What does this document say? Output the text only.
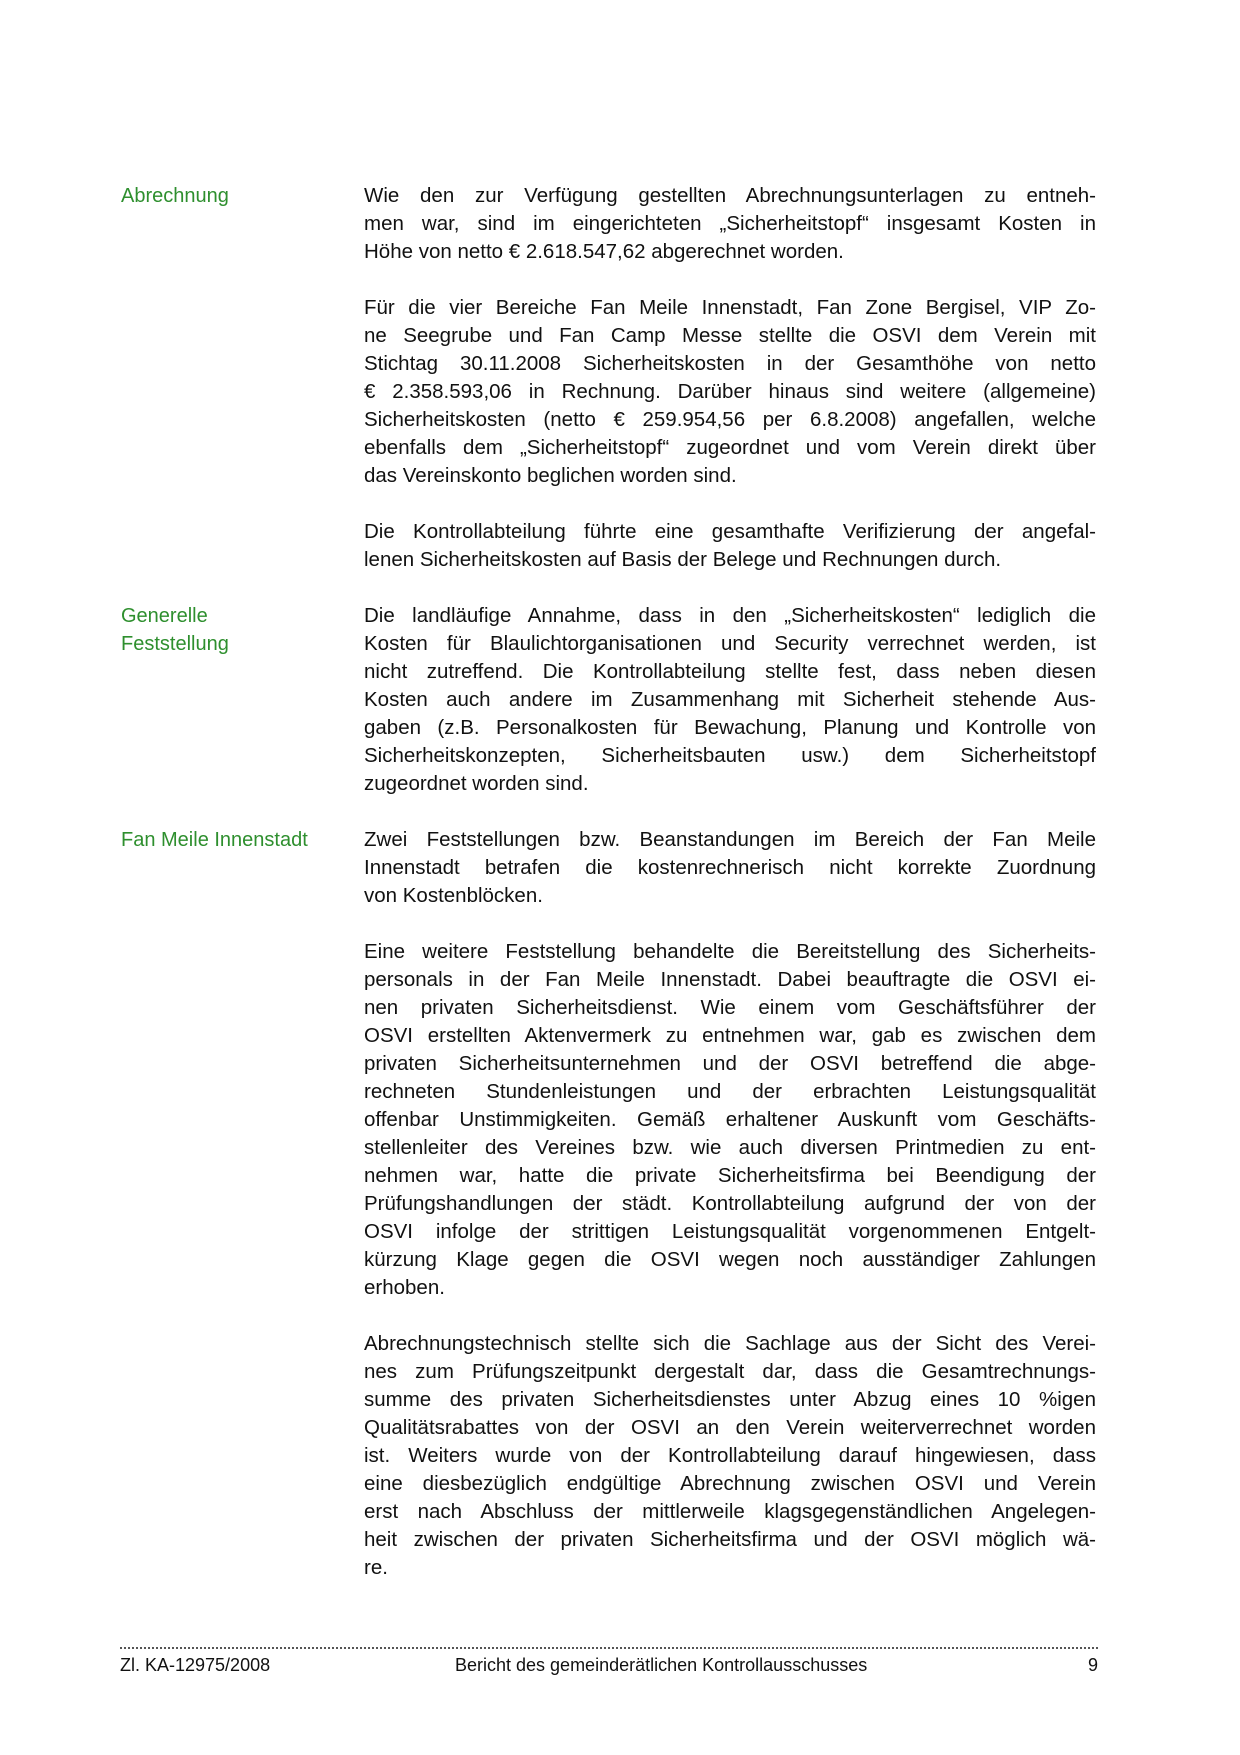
Abrechnung	Wie den zur Verfügung gestellten Abrechnungsunterlagen zu entneh-
men war, sind im eingerichteten „Sicherheitstopf“ insgesamt Kosten in
Höhe von netto € 2.618.547,62 abgerechnet worden.
Für die vier Bereiche Fan Meile Innenstadt, Fan Zone Bergisel, VIP Zo-
ne Seegrube und Fan Camp Messe stellte die OSVI dem Verein mit
Stichtag 30.11.2008 Sicherheitskosten in der Gesamthöhe von netto
€ 2.358.593,06 in Rechnung. Darüber hinaus sind weitere (allgemeine)
Sicherheitskosten (netto € 259.954,56 per 6.8.2008) angefallen, welche
ebenfalls dem „Sicherheitstopf“ zugeordnet und vom Verein direkt über
das Vereinskonto beglichen worden sind.
Die Kontrollabteilung führte eine gesamthafte Verifizierung der angefal-
lenen Sicherheitskosten auf Basis der Belege und Rechnungen durch.
Generelle
Feststellung
Die landläufige Annahme, dass in den „Sicherheitskosten“ lediglich die
Kosten für Blaulichtorganisationen und Security verrechnet werden, ist
nicht zutreffend. Die Kontrollabteilung stellte fest, dass neben diesen
Kosten auch andere im Zusammenhang mit Sicherheit stehende Aus-
gaben (z.B. Personalkosten für Bewachung, Planung und Kontrolle von
Sicherheitskonzepten, Sicherheitsbauten usw.) dem Sicherheitstopf
zugeordnet worden sind.
Fan Meile Innenstadt	Zwei Feststellungen bzw. Beanstandungen im Bereich der Fan Meile
Innenstadt betrafen die kostenrechnerisch nicht korrekte Zuordnung
von Kostenblöcken.
Eine weitere Feststellung behandelte die Bereitstellung des Sicherheits-
personals in der Fan Meile Innenstadt. Dabei beauftragte die OSVI ei-
nen privaten Sicherheitsdienst. Wie einem vom Geschäftsführer der
OSVI erstellten Aktenvermerk zu entnehmen war, gab es zwischen dem
privaten Sicherheitsunternehmen und der OSVI betreffend die abge-
rechneten Stundenleistungen und der erbrachten Leistungsqualität
offenbar Unstimmigkeiten. Gemäß erhaltener Auskunft vom Geschäfts-
stellenleiter des Vereines bzw. wie auch diversen Printmedien zu ent-
nehmen war, hatte die private Sicherheitsfirma bei Beendigung der
Prüfungshandlungen der städt. Kontrollabteilung aufgrund der von der
OSVI infolge der strittigen Leistungsqualität vorgenommenen Entgelt-
kürzung Klage gegen die OSVI wegen noch ausständiger Zahlungen
erhoben.
Abrechnungstechnisch stellte sich die Sachlage aus der Sicht des Verei-
nes zum Prüfungszeitpunkt dergestalt dar, dass die Gesamtrechnungs-
summe des privaten Sicherheitsdienstes unter Abzug eines 10 %igen
Qualitätsrabattes von der OSVI an den Verein weiterverrechnet worden
ist. Weiters wurde von der Kontrollabteilung darauf hingewiesen, dass
eine diesbezüglich endgültige Abrechnung zwischen OSVI und Verein
erst nach Abschluss der mittlerweile klagsgegenständlichen Angelegen-
heit zwischen der privaten Sicherheitsfirma und der OSVI möglich wä-
re.
Zl. KA-12975/2008	Bericht des gemeinderätlichen Kontrollausschusses	9
